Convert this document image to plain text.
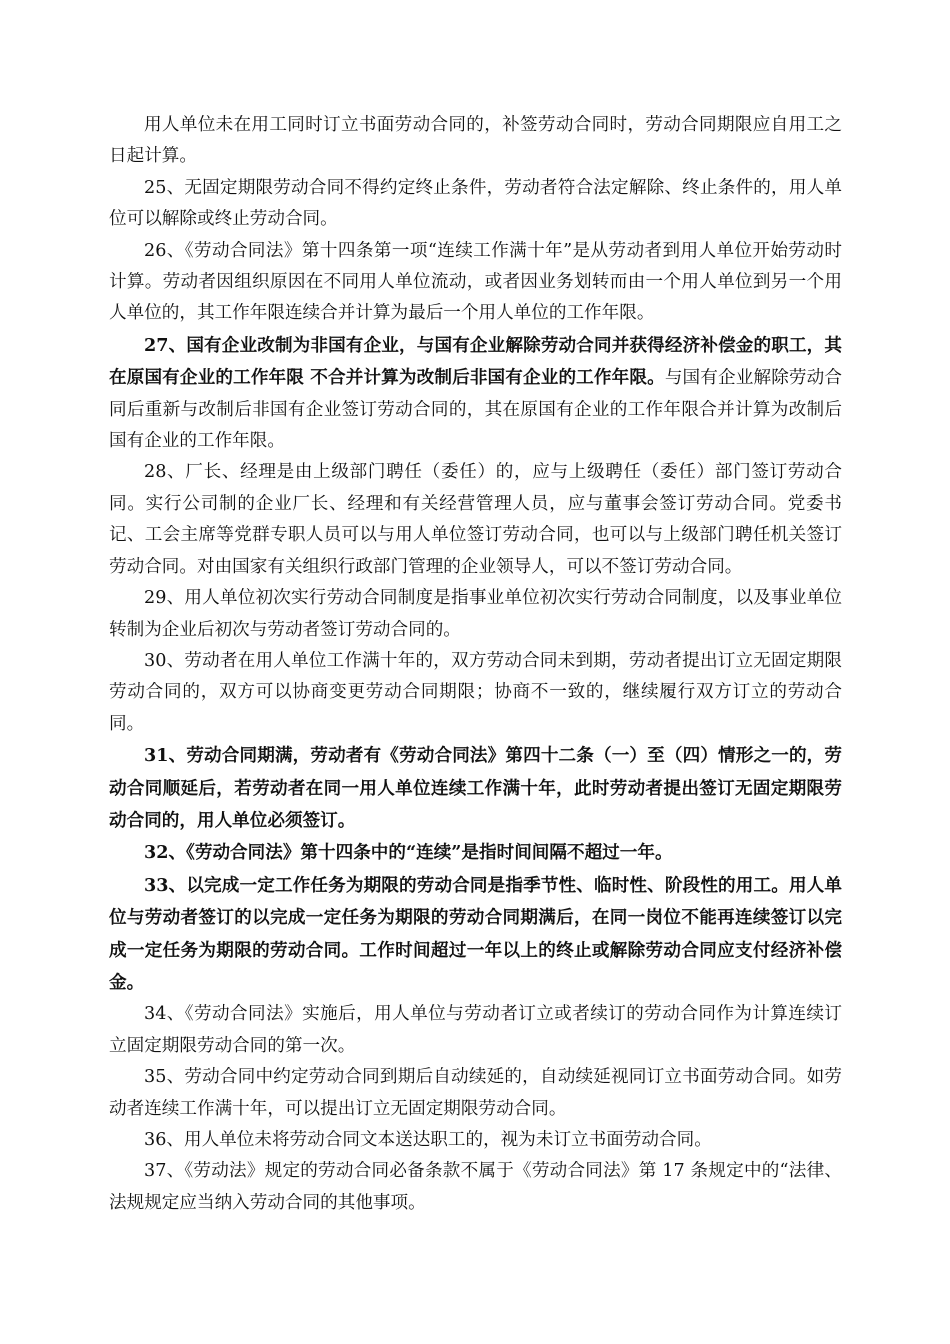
用人单位未在用工同时订立书面劳动合同的，补签劳动合同时，劳动合同期限应自用工之日起计算。

25、无固定期限劳动合同不得约定终止条件，劳动者符合法定解除、终止条件的，用人单位可以解除或终止劳动合同。

26、《劳动合同法》第十四条第一项“连续工作满十年”是从劳动者到用人单位开始劳动时计算。劳动者因组织原因在不同用人单位流动，或者因业务划转而由一个用人单位到另一个用人单位的，其工作年限连续合并计算为最后一个用人单位的工作年限。

27、国有企业改制为非国有企业，与国有企业解除劳动合同并获得经济补偿金的职工，其在原国有企业的工作年限 不合并计算为改制后非国有企业的工作年限。与国有企业解除劳动合同后重新与改制后非国有企业签订劳动合同的，其在原国有企业的工作年限合并计算为改制后国有企业的工作年限。

28、厂长、经理是由上级部门聘任（委任）的，应与上级聘任（委任）部门签订劳动合同。实行公司制的企业厂长、经理和有关经营管理人员，应与董事会签订劳动合同。党委书记、工会主席等党群专职人员可以与用人单位签订劳动合同，也可以与上级部门聘任机关签订劳动合同。对由国家有关组织行政部门管理的企业领导人，可以不签订劳动合同。

29、用人单位初次实行劳动合同制度是指事业单位初次实行劳动合同制度，以及事业单位转制为企业后初次与劳动者签订劳动合同的。

30、劳动者在用人单位工作满十年的，双方劳动合同未到期，劳动者提出订立无固定期限劳动合同的，双方可以协商变更劳动合同期限；协商不一致的，继续履行双方订立的劳动合同。

31、劳动合同期满，劳动者有《劳动合同法》第四十二条（一）至（四）情形之一的，劳动合同顺延后，若劳动者在同一用人单位连续工作满十年，此时劳动者提出签订无固定期限劳动合同的，用人单位必须签订。

32、《劳动合同法》第十四条中的“连续”是指时间间隔不超过一年。

33、以完成一定工作任务为期限的劳动合同是指季节性、临时性、阶段性的用工。用人单位与劳动者签订的以完成一定任务为期限的劳动合同期满后，在同一岗位不能再连续签订以完成一定任务为期限的劳动合同。工作时间超过一年以上的终止或解除劳动合同应支付经济补偿金。

34、《劳动合同法》实施后，用人单位与劳动者订立或者续订的劳动合同作为计算连续订立固定期限劳动合同的第一次。

35、劳动合同中约定劳动合同到期后自动续延的，自动续延视同订立书面劳动合同。如劳动者连续工作满十年，可以提出订立无固定期限劳动合同。

36、用人单位未将劳动合同文本送达职工的，视为未订立书面劳动合同。

37、《劳动法》规定的劳动合同必备条款不属于《劳动合同法》第 17 条规定中的“法律、法规规定应当纳入劳动合同的其他事项。
